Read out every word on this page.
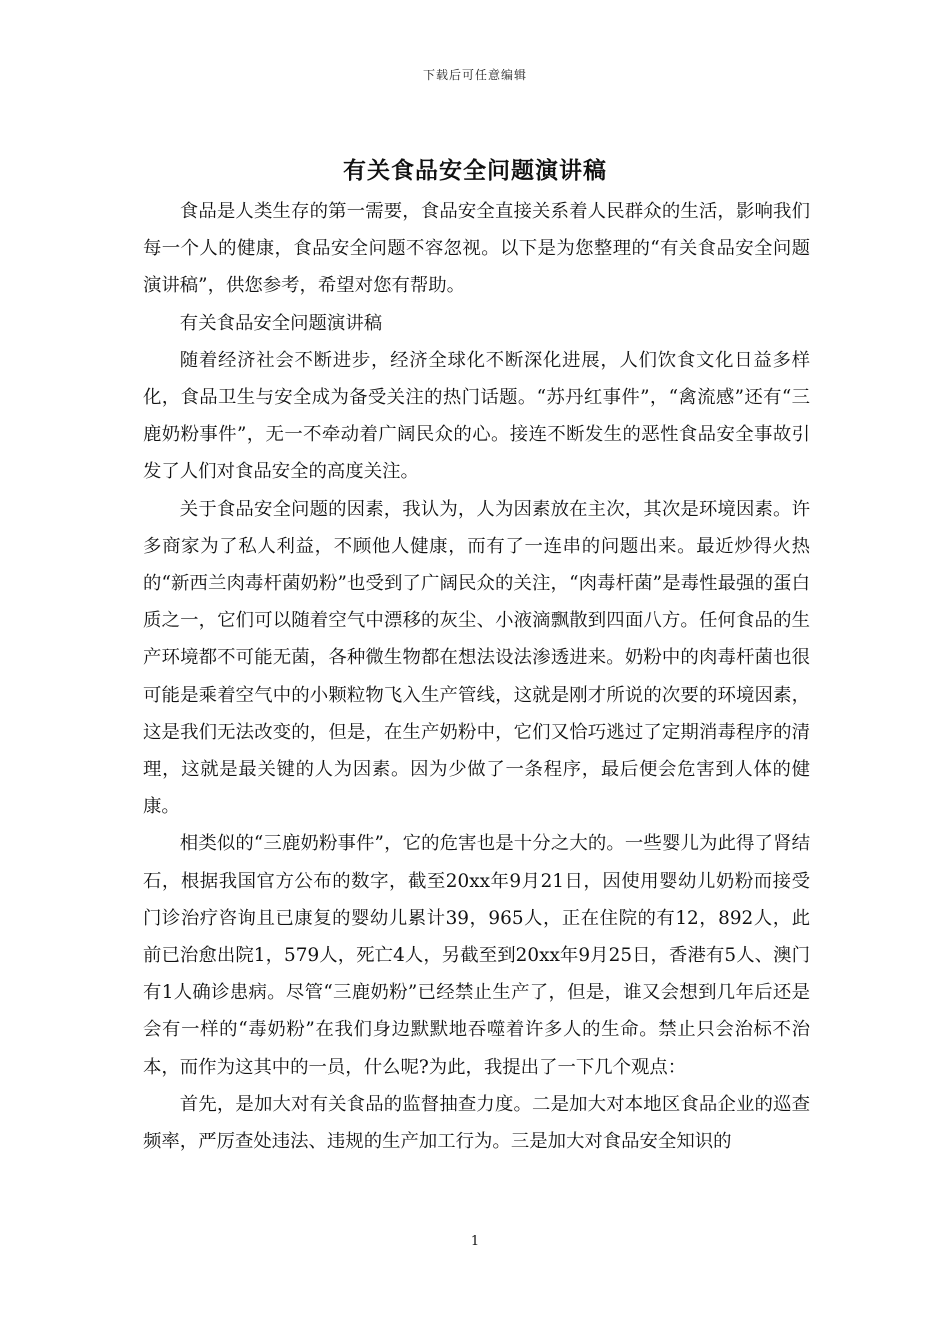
下载后可任意编辑
有关食品安全问题演讲稿

食品是人类生存的第一需要，食品安全直接关系着人民群众的生活，影响我们每一个人的健康，食品安全问题不容忽视。以下是为您整理的“有关食品安全问题演讲稿”，供您参考，希望对您有帮助。

有关食品安全问题演讲稿

随着经济社会不断进步，经济全球化不断深化进展，人们饮食文化日益多样化，食品卫生与安全成为备受关注的热门话题。“苏丹红事件”，“禽流感”还有“三鹿奶粉事件”，无一不牵动着广阔民众的心。接连不断发生的恶性食品安全事故引发了人们对食品安全的高度关注。

关于食品安全问题的因素，我认为，人为因素放在主次，其次是环境因素。许多商家为了私人利益，不顾他人健康，而有了一连串的问题出来。最近炒得火热的“新西兰肉毒杆菌奶粉”也受到了广阔民众的关注，“肉毒杆菌”是毒性最强的蛋白质之一，它们可以随着空气中漂移的灰尘、小液滴飘散到四面八方。任何食品的生产环境都不可能无菌，各种微生物都在想法设法渗透进来。奶粉中的肉毒杆菌也很可能是乘着空气中的小颗粒物飞入生产管线，这就是刚才所说的次要的环境因素，这是我们无法改变的，但是，在生产奶粉中，它们又恰巧逃过了定期消毒程序的清理，这就是最关键的人为因素。因为少做了一条程序，最后便会危害到人体的健康。

相类似的“三鹿奶粉事件”，它的危害也是十分之大的。一些婴儿为此得了肾结石，根据我国官方公布的数字，截至20xx年9月21日，因使用婴幼儿奶粉而接受门诊治疗咨询且已康复的婴幼儿累计39，965人，正在住院的有12，892人，此前已治愈出院1，579人，死亡4人，另截至到20xx年9月25日，香港有5人、澳门有1人确诊患病。尽管“三鹿奶粉”已经禁止生产了，但是，谁又会想到几年后还是会有一样的“毒奶粉”在我们身边默默地吞噬着许多人的生命。禁止只会治标不治本，而作为这其中的一员，什么呢?为此，我提出了一下几个观点：

首先，是加大对有关食品的监督抽查力度。二是加大对本地区食品企业的巡查频率，严厉查处违法、违规的生产加工行为。三是加大对食品安全知识的

1
